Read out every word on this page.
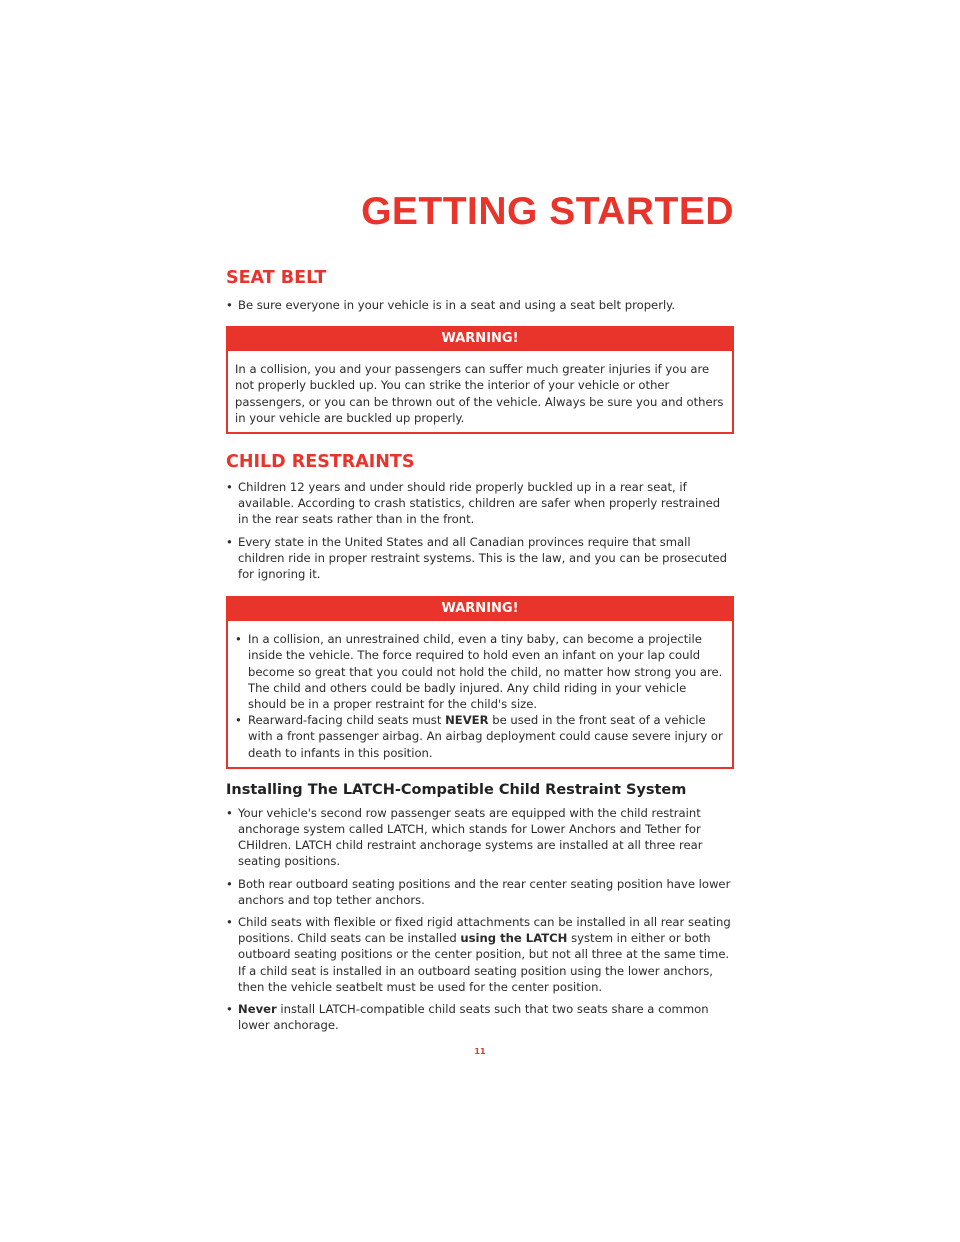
GETTING STARTED
SEAT BELT
• Be sure everyone in your vehicle is in a seat and using a seat belt properly.
WARNING!

In a collision, you and your passengers can suffer much greater injuries if you are not properly buckled up. You can strike the interior of your vehicle or other passengers, or you can be thrown out of the vehicle. Always be sure you and others in your vehicle are buckled up properly.

CHILD RESTRAINTS
• Children 12 years and under should ride properly buckled up in a rear seat, if available. According to crash statistics, children are safer when properly restrained in the rear seats rather than in the front.
• Every state in the United States and all Canadian provinces require that small children ride in proper restraint systems. This is the law, and you can be prosecuted for ignoring it.
WARNING!
• In a collision, an unrestrained child, even a tiny baby, can become a projectile inside the vehicle. The force required to hold even an infant on your lap could become so great that you could not hold the child, no matter how strong you are. The child and others could be badly injured. Any child riding in your vehicle should be in a proper restraint for the child's size.
• Rearward-facing child seats must NEVER be used in the front seat of a vehicle with a front passenger airbag. An airbag deployment could cause severe injury or death to infants in this position.
Installing The LATCH-Compatible Child Restraint System
• Your vehicle's second row passenger seats are equipped with the child restraint anchorage system called LATCH, which stands for Lower Anchors and Tether for CHildren. LATCH child restraint anchorage systems are installed at all three rear seating positions.
• Both rear outboard seating positions and the rear center seating position have lower anchors and top tether anchors.
• Child seats with flexible or fixed rigid attachments can be installed in all rear seating positions. Child seats can be installed using the LATCH system in either or both outboard seating positions or the center position, but not all three at the same time. If a child seat is installed in an outboard seating position using the lower anchors, then the vehicle seatbelt must be used for the center position.
• Never install LATCH-compatible child seats such that two seats share a common lower anchorage.
11
